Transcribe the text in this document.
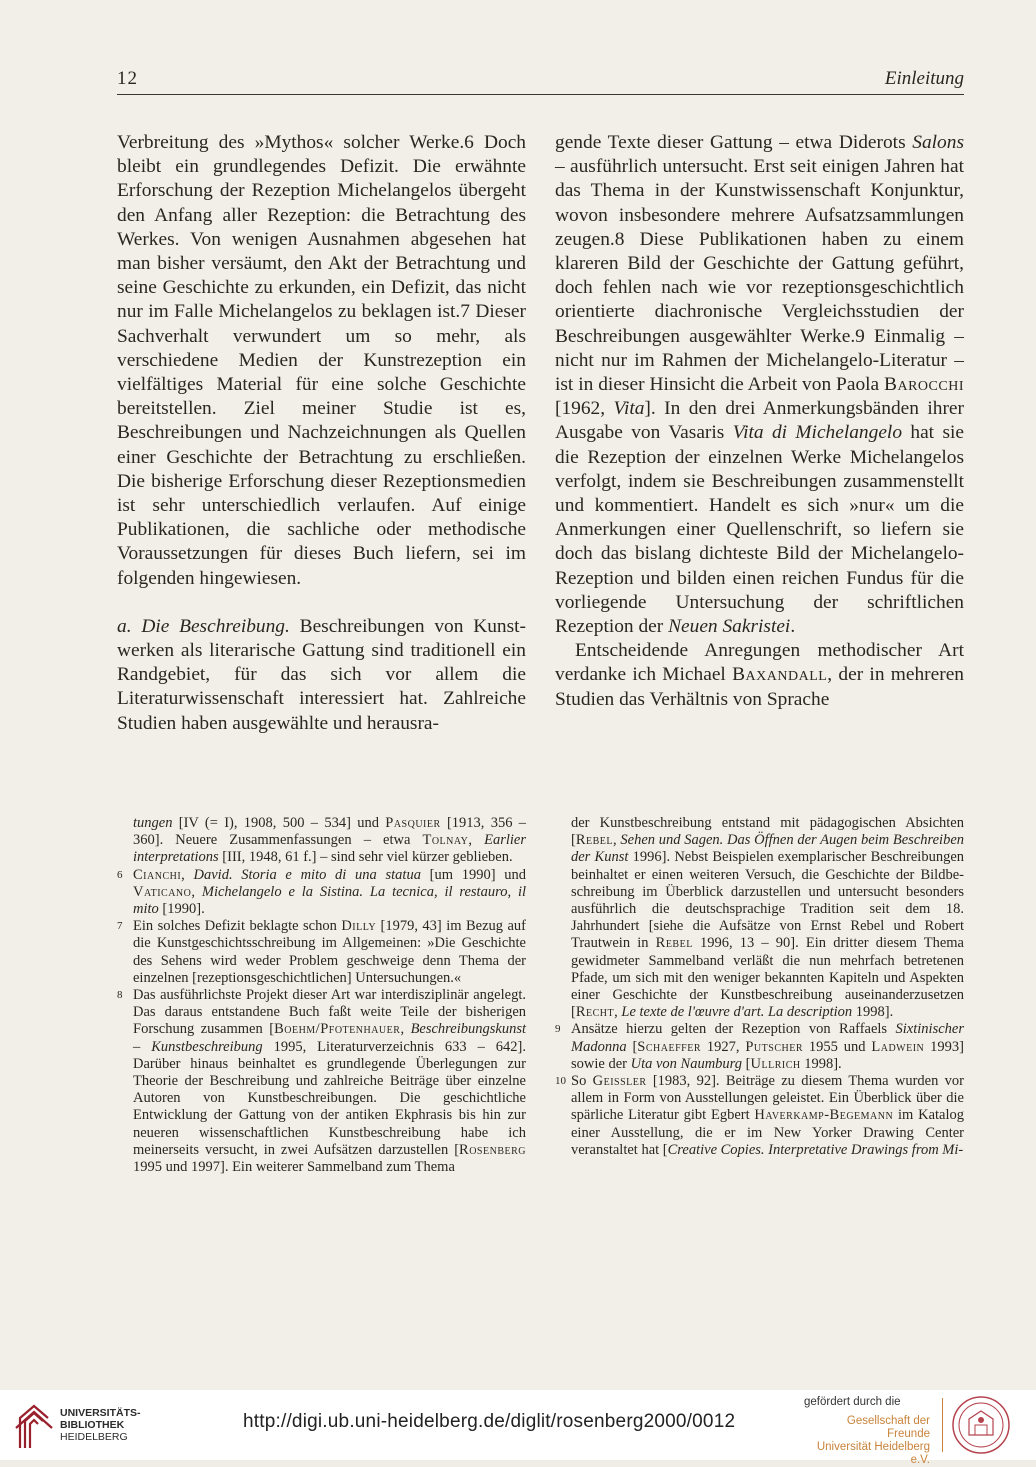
12	Einleitung

Verbreitung des »Mythos« solcher Werke.6 Doch bleibt ein grundlegendes Defizit. Die erwähnte Erforschung der Rezeption Michelangelos übergeht den Anfang aller Rezeption: die Betrachtung des Werkes. Von wenigen Ausnahmen abgesehen hat man bisher versäumt, den Akt der Betrachtung und seine Geschichte zu erkunden, ein Defizit, das nicht nur im Falle Michelangelos zu beklagen ist.7 Dieser Sachverhalt verwundert um so mehr, als verschiedene Medien der Kunstrezeption ein vielfältiges Material für eine solche Geschichte bereitstellen. Ziel meiner Studie ist es, Beschreibungen und Nachzeichnungen als Quellen einer Geschichte der Betrachtung zu erschließen. Die bisherige Erforschung dieser Rezeptionsmedien ist sehr unterschiedlich verlaufen. Auf einige Publikationen, die sachliche oder methodische Voraussetzungen für dieses Buch liefern, sei im folgenden hingewiesen.

a. Die Beschreibung. Beschreibungen von Kunstwerken als literarische Gattung sind traditionell ein Randgebiet, für das sich vor allem die Literaturwissenschaft interessiert hat. Zahlreiche Studien haben ausgewählte und herausra-

gende Texte dieser Gattung – etwa Diderots Salons – ausführlich untersucht. Erst seit einigen Jahren hat das Thema in der Kunstwissenschaft Konjunktur, wovon insbesondere mehrere Aufsatzsammlungen zeugen.8 Diese Publikationen haben zu einem klareren Bild der Geschichte der Gattung geführt, doch fehlen nach wie vor rezeptionsgeschichtlich orientierte diachronische Vergleichsstudien der Beschreibungen ausgewählter Werke.9 Einmalig – nicht nur im Rahmen der Michelangelo-Literatur – ist in dieser Hinsicht die Arbeit von Paola Barocchi [1962, Vita]. In den drei Anmerkungsbänden ihrer Ausgabe von Vasaris Vita di Michelangelo hat sie die Rezeption der einzelnen Werke Michelangelos verfolgt, indem sie Beschreibungen zusammenstellt und kommentiert. Handelt es sich »nur« um die Anmerkungen einer Quellenschrift, so liefern sie doch das bislang dichteste Bild der Michelangelo-Rezeption und bilden einen reichen Fundus für die vorliegende Untersuchung der schriftlichen Rezeption der Neuen Sakristei.

Entscheidende Anregungen methodischer Art verdanke ich Michael Baxandall, der in mehreren Studien das Verhältnis von Sprache

tungen [IV (= I), 1908, 500 – 534] und Pasquier [1913, 356 – 360]. Neuere Zusammenfassungen – etwa Tolnay, Earlier interpretations [III, 1948, 61 f.] – sind sehr viel kürzer geblieben.

6 Cianchi, David. Storia e mito di una statua [um 1990] und Vaticano, Michelangelo e la Sistina. La tecnica, il restauro, il mito [1990].

7 Ein solches Defizit beklagte schon Dilly [1979, 43] im Bezug auf die Kunstgeschichtsschreibung im Allgemeinen: »Die Geschichte des Sehens wird weder Problem geschweige denn Thema der einzelnen [rezeptionsgeschichtlichen] Untersuchungen.«

8 Das ausführlichste Projekt dieser Art war interdisziplinär angelegt. Das daraus entstandene Buch faßt weite Teile der bisherigen Forschung zusammen [Boehm/Pfotenhauer, Beschreibungskunst – Kunstbeschreibung 1995, Literaturverzeichnis 633 – 642]. Darüber hinaus beinhaltet es grundlegende Überlegungen zur Theorie der Beschreibung und zahlreiche Beiträge über einzelne Autoren von Kunstbeschreibungen. Die geschichtliche Entwicklung der Gattung von der antiken Ekphrasis bis hin zur neueren wissenschaftlichen Kunstbeschreibung habe ich meinerseits versucht, in zwei Aufsätzen darzustellen [Rosenberg 1995 und 1997]. Ein weiterer Sammelband zum Thema

der Kunstbeschreibung entstand mit pädagogischen Absichten [Rebel, Sehen und Sagen. Das Öffnen der Augen beim Beschreiben der Kunst 1996]. Nebst Beispielen exemplarischer Beschreibungen beinhaltet er einen weiteren Versuch, die Geschichte der Bildbeschreibung im Überblick darzustellen und untersucht besonders ausführlich die deutschsprachige Tradition seit dem 18. Jahrhundert [siehe die Aufsätze von Ernst Rebel und Robert Trautwein in Rebel 1996, 13 – 90]. Ein dritter diesem Thema gewidmeter Sammelband verläßt die nun mehrfach betretenen Pfade, um sich mit den weniger bekannten Kapiteln und Aspekten einer Geschichte der Kunstbeschreibung auseinanderzusetzen [Recht, Le texte de l'œuvre d'art. La description 1998].

9 Ansätze hierzu gelten der Rezeption von Raffaels Sixtinischer Madonna [Schaeffer 1927, Putscher 1955 und Ladwein 1993] sowie der Uta von Naumburg [Ullrich 1998].

10 So Geissler [1983, 92]. Beiträge zu diesem Thema wurden vor allem in Form von Ausstellungen geleistet. Ein Überblick über die spärliche Literatur gibt Egbert Haverkamp-Begemann im Katalog einer Ausstellung, die er im New Yorker Drawing Center veranstaltet hat [Creative Copies. Interpretative Drawings from Mi-

UNIVERSITÄTS-
BIBLIOTHEK
HEIDELBERG
http://digi.ub.uni-heidelberg.de/diglit/rosenberg2000/0012
gefördert durch die
Gesellschaft der Freunde
Universität Heidelberg e.V.
